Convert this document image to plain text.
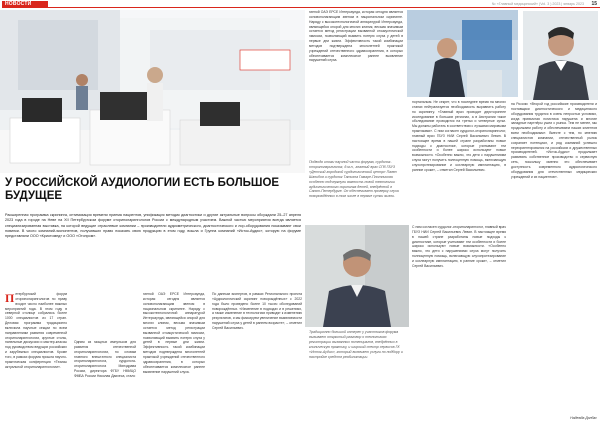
НОВОСТИ	№ «Главный медицинский» (Vol. 3 ) 2023 | январь 2023 15
У РОССИЙСКОЙ АУДИОЛОГИИ ЕСТЬ БОЛЬШОЕ БУДУЩЕЕ

Расширенная программа скрининга, оптимизация времени приема пациентов, унификация методик диагностики и другие актуальные вопросы обсуждали 25–27 апреля 2023 года в городе на Неве на XII Петербургском форуме оториноларингологов России с международным участием. Важной частью мероприятия всегда является специализированная выставка, на которой ведущие отраслевые компании – производители аудиометрического, диагностического и лор-оборудования показывают свои новинки. В число компаний-экспонентов, получивших право показать свою продукцию в этом году, вошла и Группа компаний «Исток-Аудио», которую на форуме представляли ООО «Криотомед» и ООО «Отопром».

П етербургский форум оториноларингологов по праву входит число наиболее важных мероприятий года. В этом году в северной столице собрались более 1000 специалистов из 17 стран. Деловая программа традиционно включила научные секции по всем направлениям развития современной оториноларингологии, круглые столы, панельные дискуссии и мастер-классы под руководством ведущих российских и зарубежных специалистов. Кроме того, в рамках форума прошла научно-практическая конференция «Тезисы актуальной оториноларингологии».
Одним из мощных импульсов для развития отечественной оториноларингологии, по словам главного внештатного специалиста оториноларинголога, сурдолога-оториноларинголога Минздрава России, директора ФГБУ НМИЦО ФМБА России Николая Даихеса, стало
гиеной ОАЭ ЕРСЕ Интерсаунда, которая сегодня является основополагающим звеном в национальном скрининге. Наряду с высокотехнологичной аппаратурой Интерсаунда, являющейся опорой для многих клиник, весьма значимым остается метод регистрации вызванной отоакустической эмиссии, позволяющий выявить потерю слуха у детей в первые дни жизни. Эффективность такой комбинации методов подтверждена многолетней практикой учреждений отечественного здравоохранения, в которых обеспечивается комплексное раннее выявление нарушений слуха.
гиеной ОАЭ ЕРСЕ Интерсаунда, которая сегодня является основополагающим звеном в национальном скрининге. Наряду с высокотехнологичной аппаратурой Интерсаунда, являющейся опорой для многих клиник, весьма значимым остается метод регистрации вызванной отоакустической эмиссии, позволяющий выявить потерю слуха у детей в первые дни жизни. Эффективность такой комбинации методов подтверждена многолетней практикой учреждений отечественного здравоохранения, в которых обеспечивается комплексное раннее выявление нарушений слуха.
Подводя итоги научной части форума, сурдолог-оториноларинголог, д.м.н., главный врач СПб ГБУЗ «Детский городской сурдологический центр» Павел Шанибов и сурдолог Татьяна Гамаре-Плотникова особенно подчеркнули важность новой технологии аудиологического скрининга детей, внедрённой в Санкт-Петербурге. Он обеспечивает проверку слуха новорождённых в том числе в первые сутки жизни.
По данным экспертов, в рамках Регионального проекта «Аудиологический скрининг новорождённых» с 2022 года было проведено более 10 тысяч обследований новорождённых. «Изменение в подходах и в решениях, а также изменение в технологиях приводят к изменению результатов, и мы фиксируем увеличение выявляемости нарушений слуха у детей в раннем возрасте», – отметил Сергей Васильевич.
портальным. Не секрет, что в последнее время на многих станах нейтрализуется необходимость выравнить работу по скринингу. «Главный врач проводит двустороннее исследование в больших регионах, а в Австралии такое обследование проводится на третьи и четвертые сутки. Мы должны работать в соответствии с лучшими мировыми практиками». С ним согласен сурдолог-оториноларинголог, главный врач ГБУЗ НИИ Сергей Васильевич Левин. В настоящее время в нашей стране разработаны новые подходы к диагностике, которые учитывают эти особенности и более широко используют новые возможности. «Особенно важно, что дети с нарушениями слуха могут получить полноценную помощь, включающую слухопротезирование и кохлеарную имплантацию, в ранние сроки», – отметил Сергей Васильевич.
Традиционно большой интерес у участников форума вызывает открытый разговор о технологиях регистрации вызванных потенциалов, внедрённых в клиническую практику, и широкий спектр сервисов ГК «Исток-Аудио», который включает услуги по подбору и настройке средств реабилитации.
С ним согласен сурдолог-оториноларинголог, главный врач ГБУЗ НИИ Сергей Васильевич Левин. В настоящее время в нашей стране разработаны новые подходы к диагностике, которые учитывают эти особенности и более широко используют новые возможности. «Особенно важно, что дети с нарушениями слуха могут получить полноценную помощь, включающую слухопротезирование и кохлеарную имплантацию, в ранние сроки», – отметил Сергей Васильевич.
на России: «Второй год российские производители и поставщики диагностического и медицинского оборудования трудятся в очень непростых условиях, когда привычная логистика нарушена и многие западные партнёры ушли с рынка. Тем не менее, мы продолжаем работу и обеспечиваем наших клиентов всем необходимым». Вместе с тем, по мнению специалистов компании, отечественный рынок сохраняет потенциал, и ряд компаний успешно переориентировался на российских и дружественных производителей. «Исток-Аудио» продолжает развивать собственное производство и сервисную сеть, поскольку именно это обеспечивает доступность современного аудиологического оборудования для отечественных медицинских учреждений и их пациентов».
Надежда Донбас
